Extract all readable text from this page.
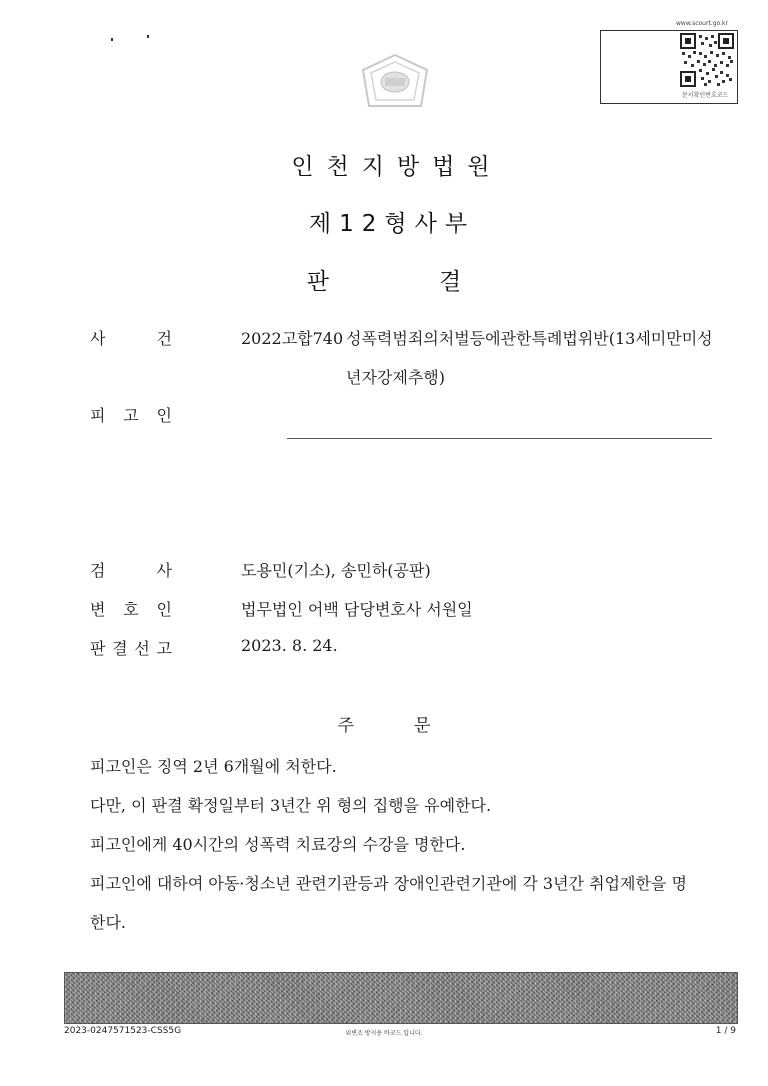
www.scourt.go.kr
문서확인번호코드
인천지방법원
제12형사부
판	결
사	건	2022고합740 성폭력범죄의처벌등에관한특례법위반(13세미만미성
년자강제추행)
피 고 인
검	사	도용민(기소), 송민하(공판)
변 호 인	법무법인 어백 담당변호사 서원일
판 결 선 고	2023. 8. 24.
주	문
피고인은 징역 2년 6개월에 처한다.
다만, 이 판결 확정일부터 3년간 위 형의 집행을 유예한다.
피고인에게 40시간의 성폭력 치료강의 수강을 명한다.
피고인에 대하여 아동·청소년 관련기관등과 장애인관련기관에 각 3년간 취업제한을 명
한다.
2023-0247571523-CSS5G	위변조 방지용 바코드 입니다.	1 / 9
